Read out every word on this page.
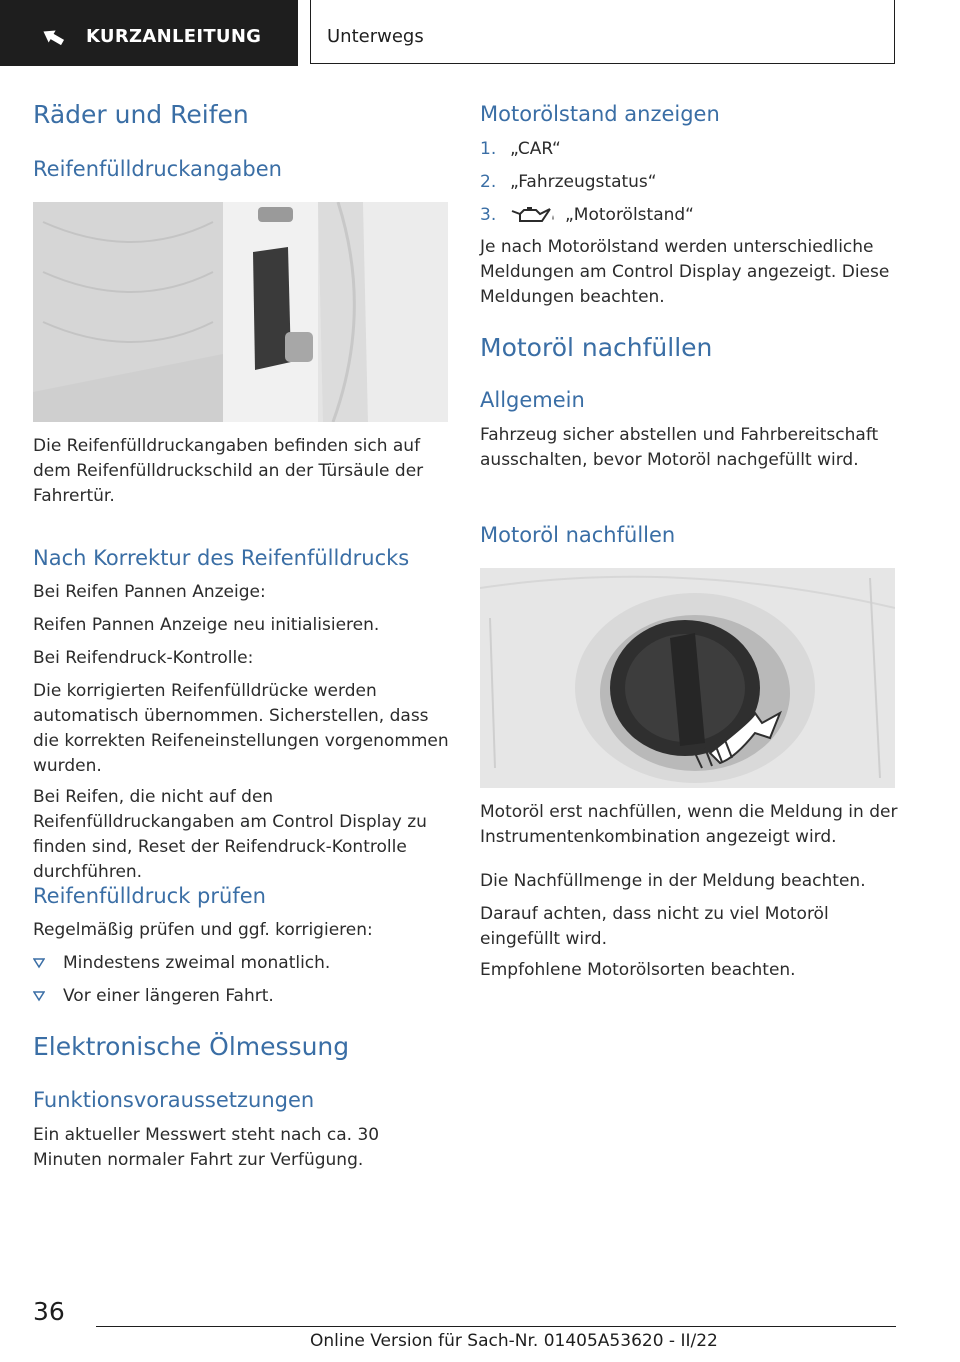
KURZANLEITUNG	Unterwegs
Räder und Reifen
Reifenfülldruckangaben

Die Reifenfülldruckangaben befinden sich auf dem Reifenfülldruckschild an der Türsäule der Fahrertür.

Nach Korrektur des Reifenfülldrucks

Bei Reifen Pannen Anzeige:

Reifen Pannen Anzeige neu initialisieren.

Bei Reifendruck-Kontrolle:

Die korrigierten Reifenfülldrücke werden automatisch übernommen. Sicherstellen, dass die korrekten Reifeneinstellungen vorgenommen wurden.

Bei Reifen, die nicht auf den Reifenfülldruckangaben am Control Display zu finden sind, Reset der Reifendruck-Kontrolle durchführen.

Reifenfülldruck prüfen

Regelmäßig prüfen und ggf. korrigieren:

Mindestens zweimal monatlich.
Vor einer längeren Fahrt.
Elektronische Ölmessung
Funktionsvoraussetzungen

Ein aktueller Messwert steht nach ca. 30 Minuten normaler Fahrt zur Verfügung.

Motorölstand anzeigen
1. „CAR“
2. „Fahrzeugstatus“
3.	„Motorölstand“

Je nach Motorölstand werden unterschiedliche Meldungen am Control Display angezeigt. Diese Meldungen beachten.

Motoröl nachfüllen
Allgemein

Fahrzeug sicher abstellen und Fahrbereitschaft ausschalten, bevor Motoröl nachgefüllt wird.

Motoröl nachfüllen

Motoröl erst nachfüllen, wenn die Meldung in der Instrumentenkombination angezeigt wird.

Die Nachfüllmenge in der Meldung beachten.

Darauf achten, dass nicht zu viel Motoröl eingefüllt wird.

Empfohlene Motorölsorten beachten.

36
Online Version für Sach-Nr. 01405A53620 - II/22
